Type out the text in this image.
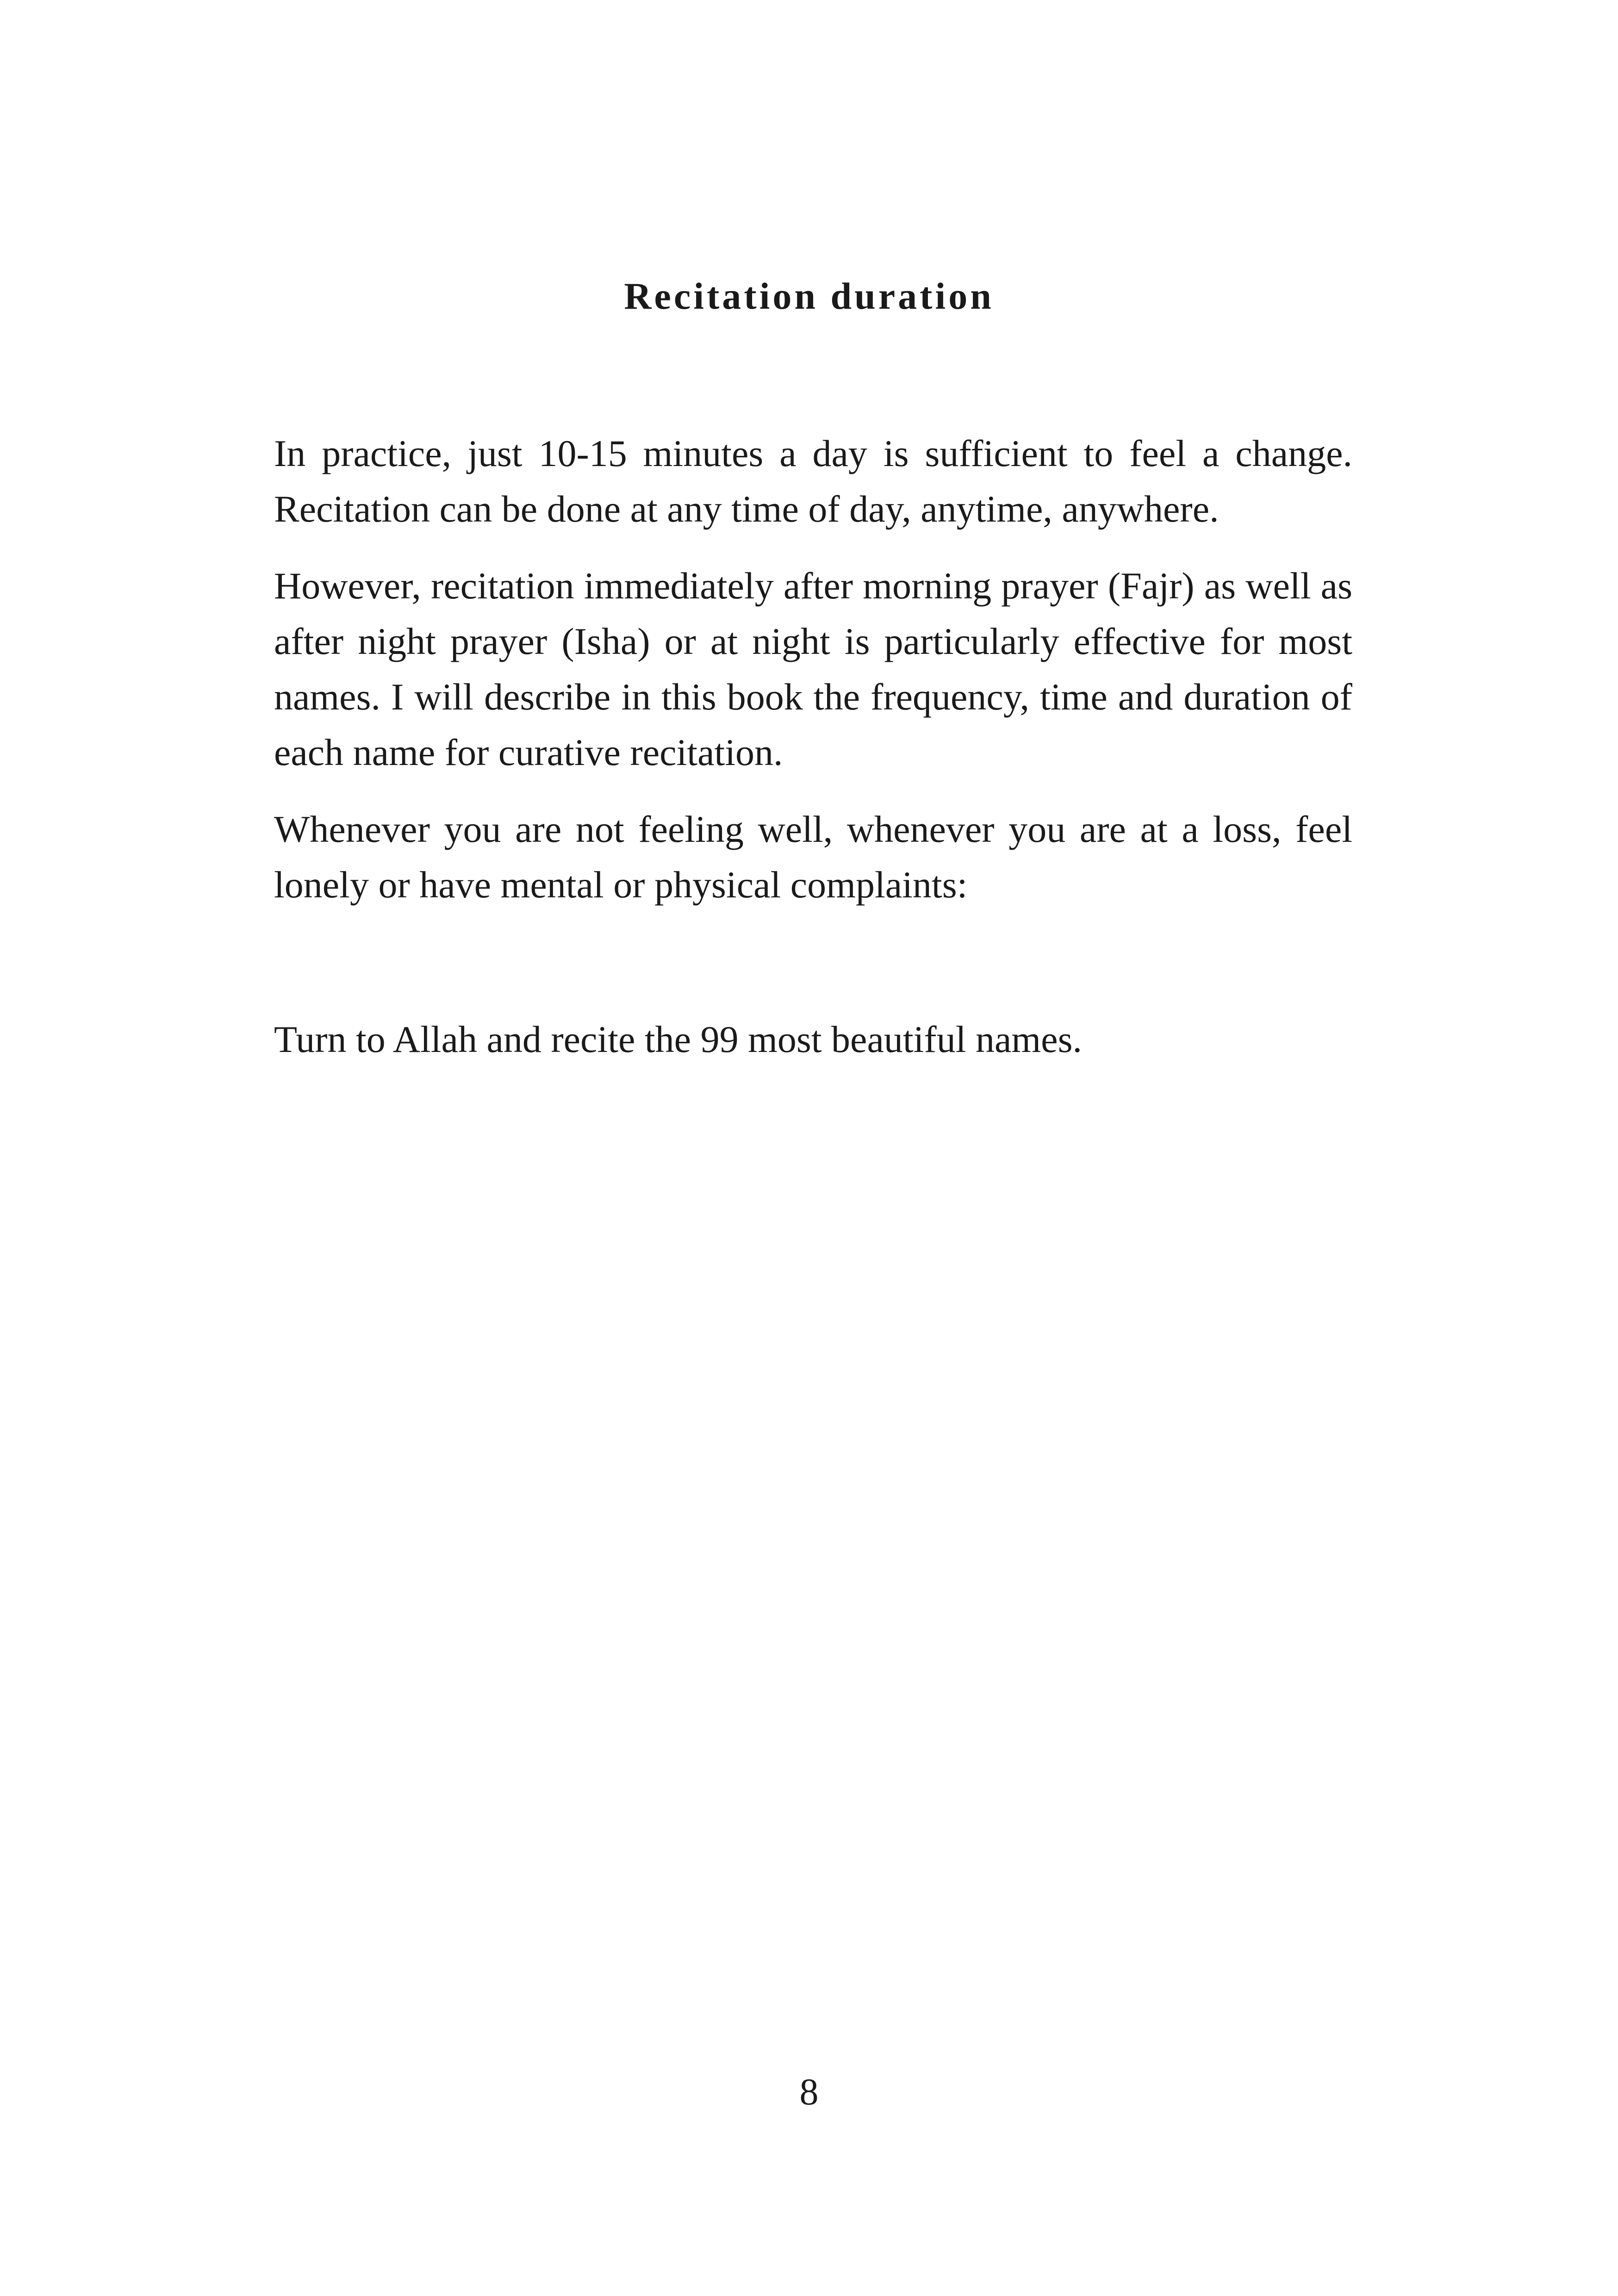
Recitation duration

In practice, just 10-15 minutes a day is sufficient to feel a change. Recitation can be done at any time of day, anytime, anywhere.

However, recitation immediately after morning prayer (Fajr) as well as after night prayer (Isha) or at night is particularly effective for most names. I will describe in this book the frequency, time and duration of each name for curative recitation.

Whenever you are not feeling well, whenever you are at a loss, feel lonely or have mental or physical complaints:

Turn to Allah and recite the 99 most beautiful names.

8
